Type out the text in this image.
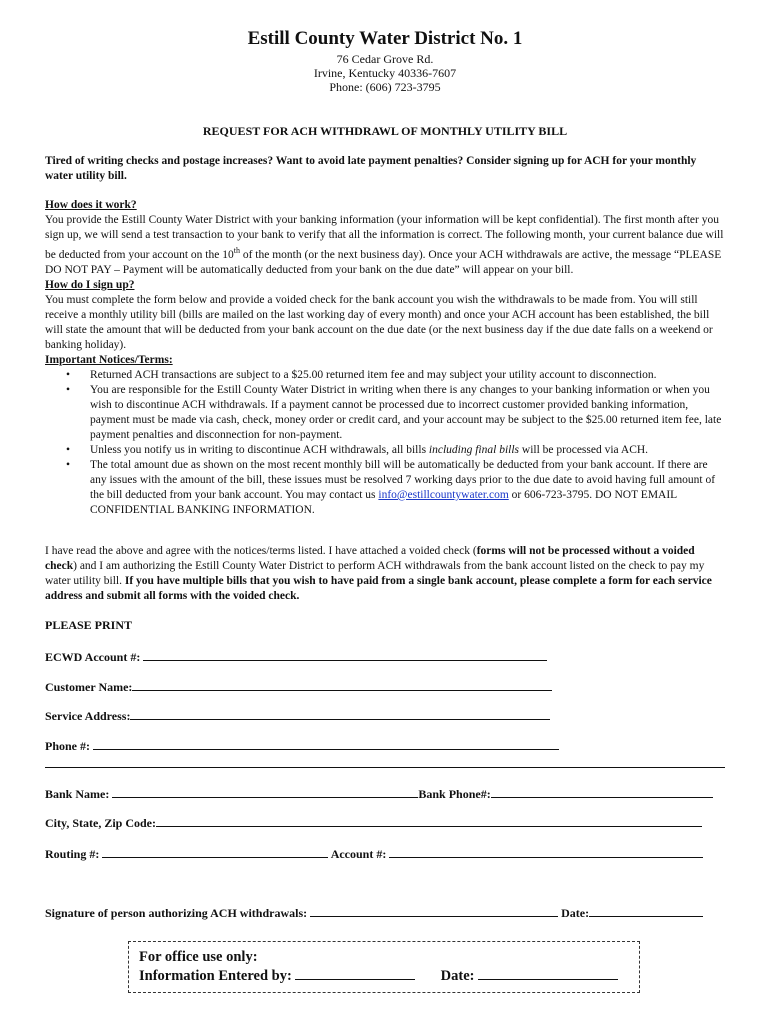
Estill County Water District No. 1
76 Cedar Grove Rd.
Irvine, Kentucky 40336-7607
Phone: (606) 723-3795
REQUEST FOR ACH WITHDRAWL OF MONTHLY UTILITY BILL
Tired of writing checks and postage increases? Want to avoid late payment penalties? Consider signing up for ACH for your monthly water utility bill.
How does it work?
You provide the Estill County Water District with your banking information (your information will be kept confidential). The first month after you sign up, we will send a test transaction to your bank to verify that all the information is correct. The following month, your current balance due will be deducted from your account on the 10th of the month (or the next business day). Once your ACH withdrawals are active, the message “PLEASE DO NOT PAY – Payment will be automatically deducted from your bank on the due date” will appear on your bill.
How do I sign up?
You must complete the form below and provide a voided check for the bank account you wish the withdrawals to be made from. You will still receive a monthly utility bill (bills are mailed on the last working day of every month) and once your ACH account has been established, the bill will state the amount that will be deducted from your bank account on the due date (or the next business day if the due date falls on a weekend or banking holiday).
Important Notices/Terms:
• Returned ACH transactions are subject to a $25.00 returned item fee and may subject your utility account to disconnection.
• You are responsible for the Estill County Water District in writing when there is any changes to your banking information or when you wish to discontinue ACH withdrawals. If a payment cannot be processed due to incorrect customer provided banking information, payment must be made via cash, check, money order or credit card, and your account may be subject to the $25.00 returned item fee, late payment penalties and disconnection for non-payment.
• Unless you notify us in writing to discontinue ACH withdrawals, all bills including final bills will be processed via ACH.
• The total amount due as shown on the most recent monthly bill will be automatically be deducted from your bank account. If there are any issues with the amount of the bill, these issues must be resolved 7 working days prior to the due date to avoid having full amount of the bill deducted from your bank account. You may contact us info@estillcountywater.com or 606-723-3795. DO NOT EMAIL CONFIDENTIAL BANKING INFORMATION.
I have read the above and agree with the notices/terms listed. I have attached a voided check (forms will not be processed without a voided check) and I am authorizing the Estill County Water District to perform ACH withdrawals from the bank account listed on the check to pay my water utility bill. If you have multiple bills that you wish to have paid from a single bank account, please complete a form for each service address and submit all forms with the voided check.
PLEASE PRINT
ECWD Account #:
Customer Name:
Service Address:
Phone #:
Bank Name:	Bank Phone#:
City, State, Zip Code:
Routing #:	Account #:
Signature of person authorizing ACH withdrawals:	Date:
For office use only:
Information Entered by:	Date:
